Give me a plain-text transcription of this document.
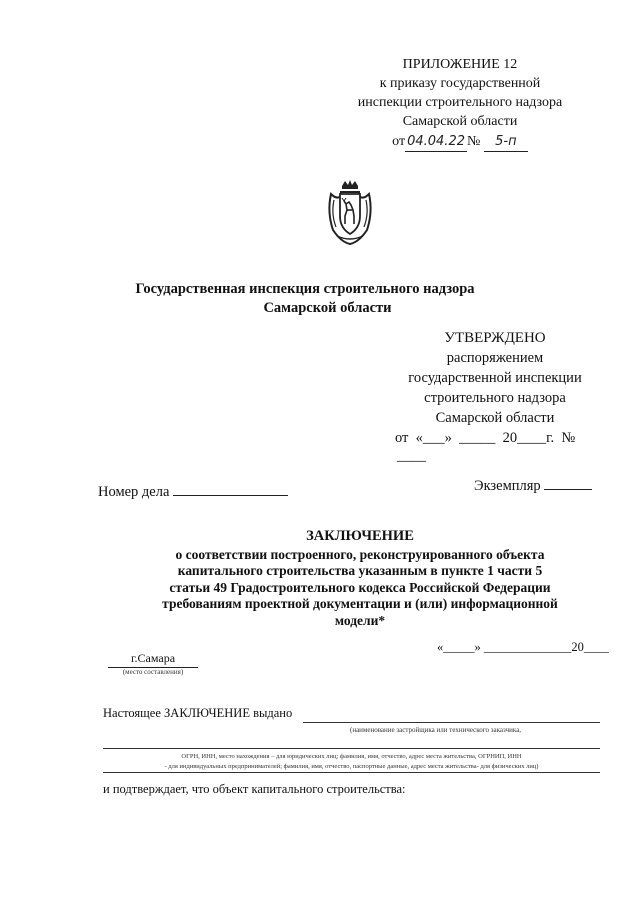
ПРИЛОЖЕНИЕ 12
к приказу государственной
инспекции строительного надзора
Самарской области
от 04.04.22 № 5-п
Государственная инспекция строительного надзора
Самарской области
УТВЕРЖДЕНО
распоряжением
государственной инспекции
строительного надзора
Самарской области
от  «___»  _____  20____г.  №
____
Номер дела	Экземпляр
ЗАКЛЮЧЕНИЕ
о соответствии построенного, реконструированного объекта
капитального строительства указанным в пункте 1 части 5
статьи 49 Градостроительного кодекса Российской Федерации
требованиям проектной документации и (или) информационной
модели*
г.Самара
(место составления)
«_____» ______________20____
Настоящее ЗАКЛЮЧЕНИЕ выдано
(наименование застройщика или технического заказчика,
ОГРН, ИНН, место нахождения – для юридических лиц; фамилия, имя, отчество, адрес места жительства, ОГРНИП, ИНН
- для индивидуальных предпринимателей; фамилия, имя, отчество, паспортные данные, адрес места жительства- для физических лиц)
и подтверждает, что объект капитального строительства:
